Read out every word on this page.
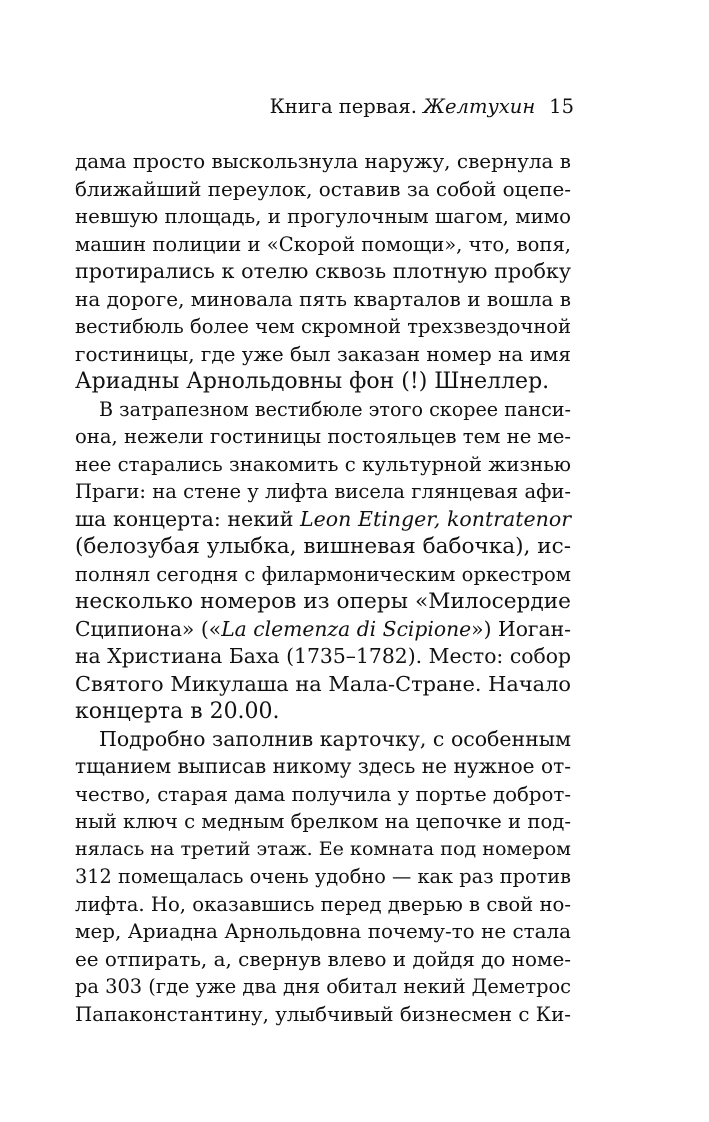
Книга первая. Желтухин 15
дама просто выскользнула наружу, свернула в
ближайший переулок, оставив за собой оцепе-
невшую площадь, и прогулочным шагом, мимо
машин полиции и «Скорой помощи», что, вопя,
протирались к отелю сквозь плотную пробку
на дороге, миновала пять кварталов и вошла в
вестибюль более чем скромной трехзвездочной
гостиницы, где уже был заказан номер на имя
Ариадны Арнольдовны фон (!) Шнеллер.
В затрапезном вестибюле этого скорее панси-
она, нежели гостиницы постояльцев тем не ме-
нее старались знакомить с культурной жизнью
Праги: на стене у лифта висела глянцевая афи-
ша концерта: некий Leon Etinger, kontratenor
(белозубая улыбка, вишневая бабочка), ис-
полнял сегодня с филармоническим оркестром
несколько номеров из оперы «Милосердие
Сципиона» («La clemenza di Scipione») Иоган-
на Христиана Баха (1735–1782). Место: собор
Святого Микулаша на Мала-Стране. Начало
концерта в 20.00.
Подробно заполнив карточку, с особенным
тщанием выписав никому здесь не нужное от-
чество, старая дама получила у портье доброт-
ный ключ с медным брелком на цепочке и под-
нялась на третий этаж. Ее комната под номером
312 помещалась очень удобно — как раз против
лифта. Но, оказавшись перед дверью в свой но-
мер, Ариадна Арнольдовна почему-то не стала
ее отпирать, а, свернув влево и дойдя до номе-
ра 303 (где уже два дня обитал некий Деметрос
Папаконстантину, улыбчивый бизнесмен с Ки-
